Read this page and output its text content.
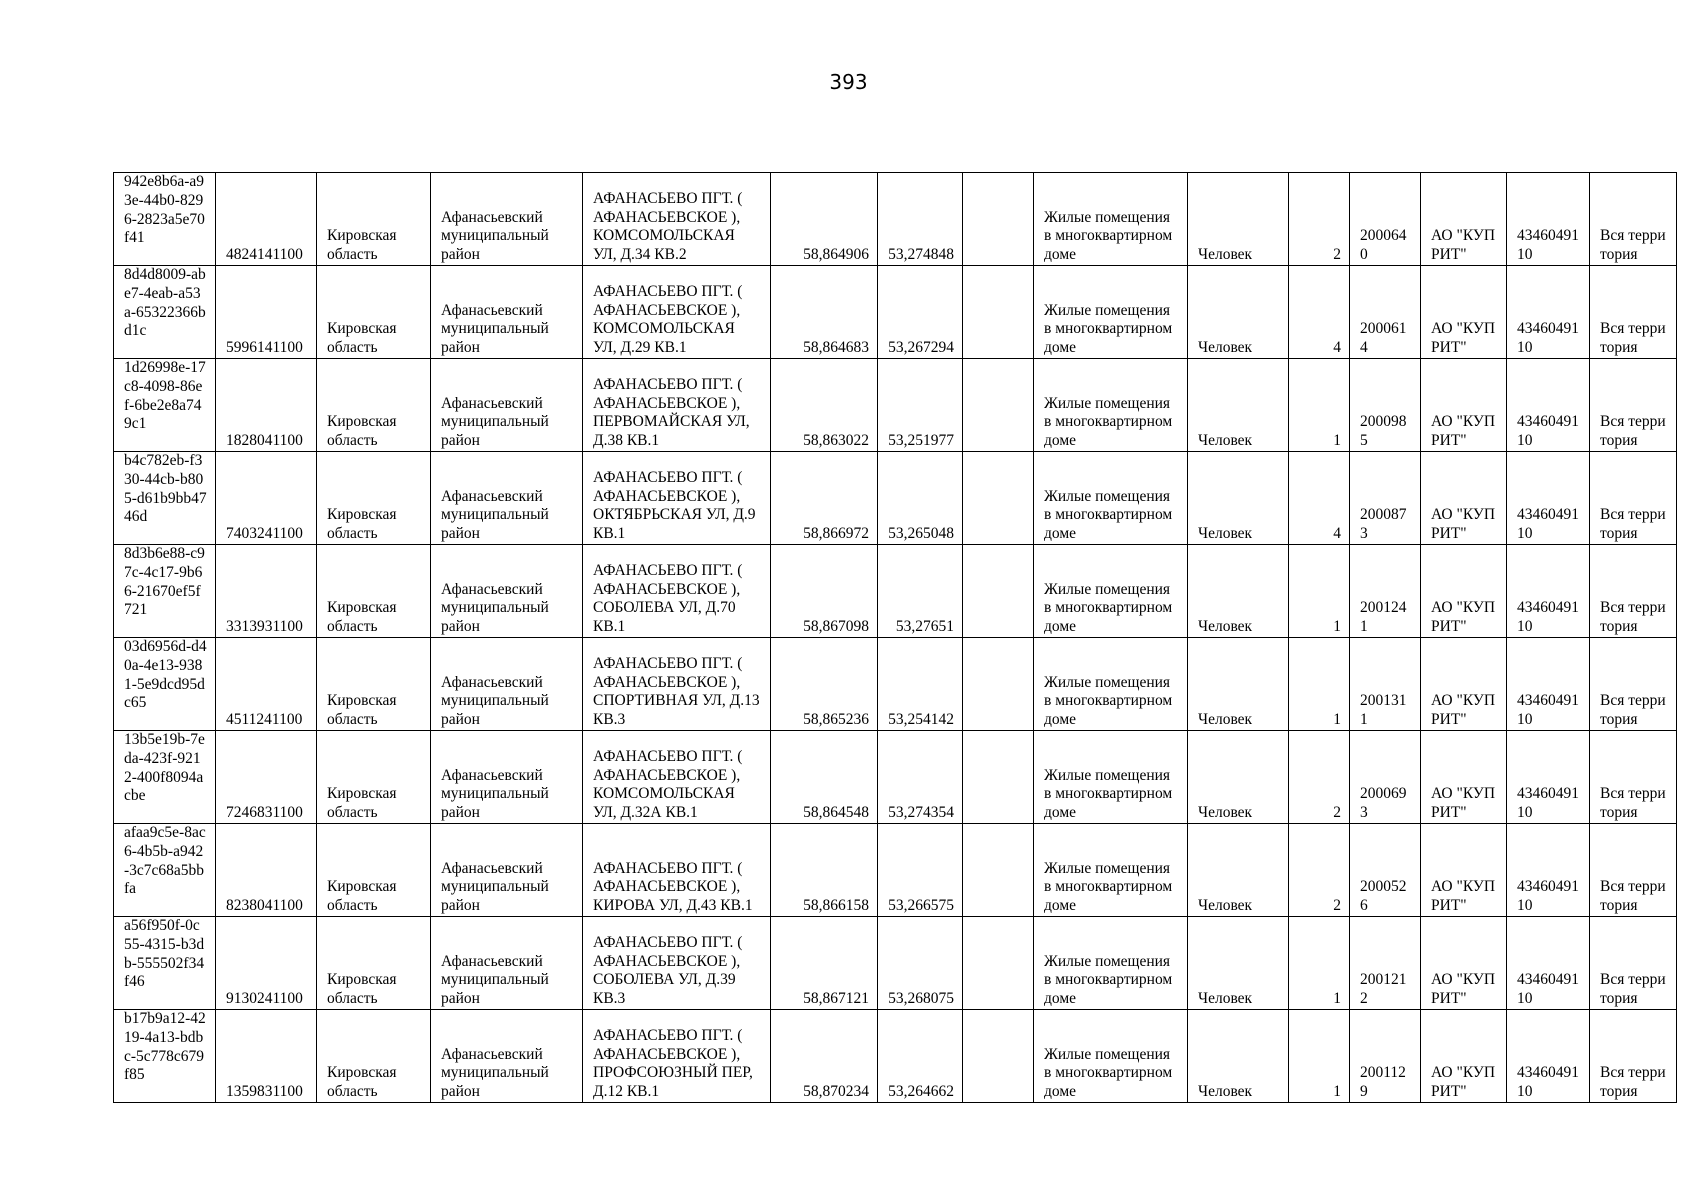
393
942e8b6a-a93e-44b0-8296-2823a5e70f41	4824141100	Кировская область	Афанасьевский муниципальный район	АФАНАСЬЕВО ПГТ. ( АФАНАСЬЕВСКОЕ ), КОМСОМОЛЬСКАЯ УЛ, Д.34 КВ.2	58,864906	53,274848		Жилые помещения в многоквартирном доме	Человек	2	2000640	АО "КУПРИТ"	4346049110	Вся территория

8d4d8009-abe7-4eab-a53a-65322366bd1c	5996141100	Кировская область	Афанасьевский муниципальный район	АФАНАСЬЕВО ПГТ. ( АФАНАСЬЕВСКОЕ ), КОМСОМОЛЬСКАЯ УЛ, Д.29 КВ.1	58,864683	53,267294		Жилые помещения в многоквартирном доме	Человек	4	2000614	АО "КУПРИТ"	4346049110	Вся территория

1d26998e-17c8-4098-86ef-6be2e8a749c1	1828041100	Кировская область	Афанасьевский муниципальный район	АФАНАСЬЕВО ПГТ. ( АФАНАСЬЕВСКОЕ ), ПЕРВОМАЙСКАЯ УЛ, Д.38 КВ.1	58,863022	53,251977		Жилые помещения в многоквартирном доме	Человек	1	2000985	АО "КУПРИТ"	4346049110	Вся территория

b4c782eb-f330-44cb-b805-d61b9bb4746d	7403241100	Кировская область	Афанасьевский муниципальный район	АФАНАСЬЕВО ПГТ. ( АФАНАСЬЕВСКОЕ ), ОКТЯБРЬСКАЯ УЛ, Д.9 КВ.1	58,866972	53,265048		Жилые помещения в многоквартирном доме	Человек	4	2000873	АО "КУПРИТ"	4346049110	Вся территория

8d3b6e88-c97c-4c17-9b66-21670ef5f721	3313931100	Кировская область	Афанасьевский муниципальный район	АФАНАСЬЕВО ПГТ. ( АФАНАСЬЕВСКОЕ ), СОБОЛЕВА УЛ, Д.70 КВ.1	58,867098	53,27651		Жилые помещения в многоквартирном доме	Человек	1	2001241	АО "КУПРИТ"	4346049110	Вся территория

03d6956d-d40a-4e13-9381-5e9dcd95dc65	4511241100	Кировская область	Афанасьевский муниципальный район	АФАНАСЬЕВО ПГТ. ( АФАНАСЬЕВСКОЕ ), СПОРТИВНАЯ УЛ, Д.13 КВ.3	58,865236	53,254142		Жилые помещения в многоквартирном доме	Человек	1	2001311	АО "КУПРИТ"	4346049110	Вся территория

13b5e19b-7eda-423f-9212-400f8094acbe	7246831100	Кировская область	Афанасьевский муниципальный район	АФАНАСЬЕВО ПГТ. ( АФАНАСЬЕВСКОЕ ), КОМСОМОЛЬСКАЯ УЛ, Д.32А КВ.1	58,864548	53,274354		Жилые помещения в многоквартирном доме	Человек	2	2000693	АО "КУПРИТ"	4346049110	Вся территория

afaa9c5e-8ac6-4b5b-a942-3c7c68a5bbfa	8238041100	Кировская область	Афанасьевский муниципальный район	АФАНАСЬЕВО ПГТ. ( АФАНАСЬЕВСКОЕ ), КИРОВА УЛ, Д.43 КВ.1	58,866158	53,266575		Жилые помещения в многоквартирном доме	Человек	2	2000526	АО "КУПРИТ"	4346049110	Вся территория

a56f950f-0c55-4315-b3db-555502f34f46	9130241100	Кировская область	Афанасьевский муниципальный район	АФАНАСЬЕВО ПГТ. ( АФАНАСЬЕВСКОЕ ), СОБОЛЕВА УЛ, Д.39 КВ.3	58,867121	53,268075		Жилые помещения в многоквартирном доме	Человек	1	2001212	АО "КУПРИТ"	4346049110	Вся территория

b17b9a12-4219-4a13-bdbc-5c778c679f85	1359831100	Кировская область	Афанасьевский муниципальный район	АФАНАСЬЕВО ПГТ. ( АФАНАСЬЕВСКОЕ ), ПРОФСОЮЗНЫЙ ПЕР, Д.12 КВ.1	58,870234	53,264662		Жилые помещения в многоквартирном доме	Человек	1	2001129	АО "КУПРИТ"	4346049110	Вся территория
